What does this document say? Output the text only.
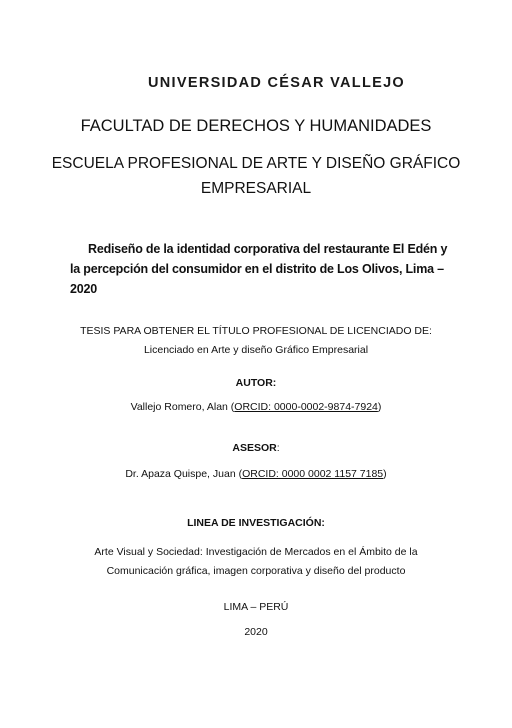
UNIVERSIDAD CÉSAR VALLEJO
FACULTAD DE DERECHOS Y HUMANIDADES
ESCUELA PROFESIONAL DE ARTE Y DISEÑO GRÁFICO
EMPRESARIAL
Rediseño de la identidad corporativa del restaurante El Edén y la percepción del consumidor en el distrito de Los Olivos, Lima – 2020
TESIS PARA OBTENER EL TÍTULO PROFESIONAL DE LICENCIADO DE:
Licenciado en Arte y diseño Gráfico Empresarial
AUTOR:
Vallejo Romero, Alan (ORCID: 0000-0002-9874-7924)
ASESOR:
Dr. Apaza Quispe, Juan (ORCID: 0000 0002 1157 7185)
LINEA DE INVESTIGACIÓN:
Arte Visual y Sociedad: Investigación de Mercados en el Ámbito de la
Comunicación gráfica, imagen corporativa y diseño del producto
LIMA – PERÚ
2020
